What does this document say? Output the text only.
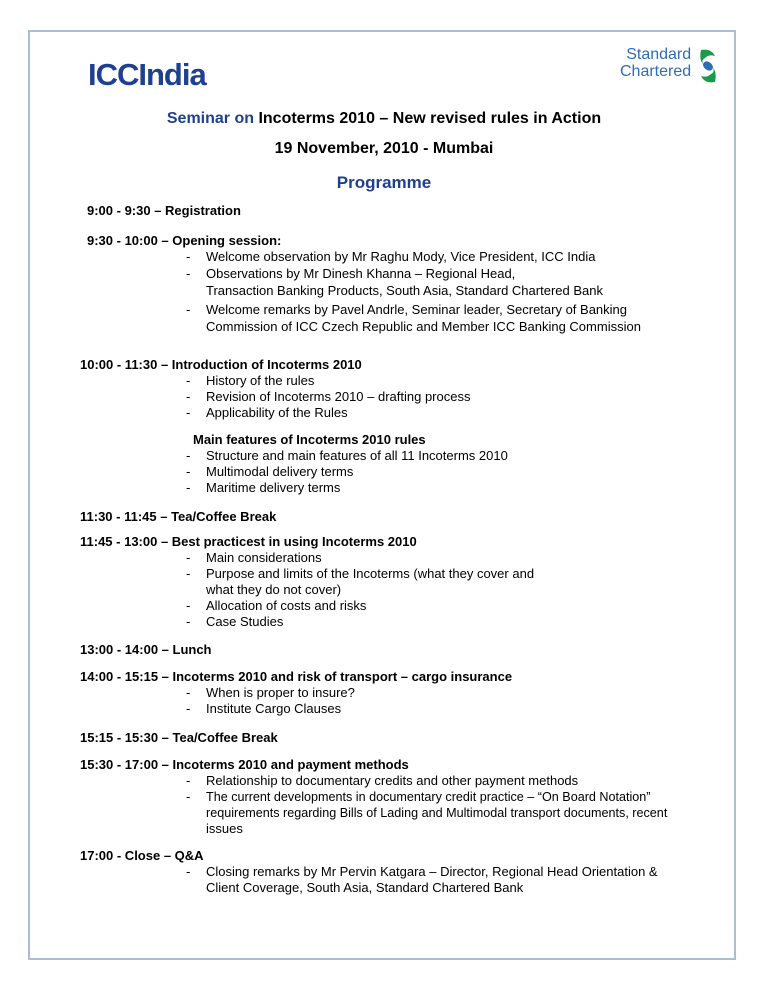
ICCIndia
Standard
Chartered
Seminar on Incoterms 2010 – New revised rules in Action
19 November, 2010 - Mumbai
Programme
9:00 - 9:30 – Registration
9:30 - 10:00 – Opening session:
- Welcome observation by Mr Raghu Mody, Vice President, ICC India
- Observations by Mr Dinesh Khanna – Regional Head,
Transaction Banking Products, South Asia, Standard Chartered Bank
- Welcome remarks by Pavel Andrle, Seminar leader, Secretary of Banking
Commission of ICC Czech Republic and Member ICC Banking Commission
10:00 - 11:30 – Introduction of Incoterms 2010
- History of the rules
- Revision of Incoterms 2010 – drafting process
- Applicability of the Rules
Main features of Incoterms 2010 rules
- Structure and main features of all 11 Incoterms 2010
- Multimodal delivery terms
- Maritime delivery terms
11:30 - 11:45 – Tea/Coffee Break
11:45 - 13:00 – Best practicest in using Incoterms 2010
- Main considerations
- Purpose and limits of the Incoterms (what they cover and
what they do not cover)
- Allocation of costs and risks
- Case Studies
13:00 - 14:00 – Lunch
14:00 - 15:15 – Incoterms 2010 and risk of transport – cargo insurance
- When is proper to insure?
- Institute Cargo Clauses
15:15 - 15:30 – Tea/Coffee Break
15:30 - 17:00 – Incoterms 2010 and payment methods
- Relationship to documentary credits and other payment methods
- The current developments in documentary credit practice – “On Board Notation”
requirements regarding Bills of Lading and Multimodal transport documents, recent
issues
17:00 - Close – Q&A
- Closing remarks by Mr Pervin Katgara – Director, Regional Head Orientation &
Client Coverage, South Asia, Standard Chartered Bank
